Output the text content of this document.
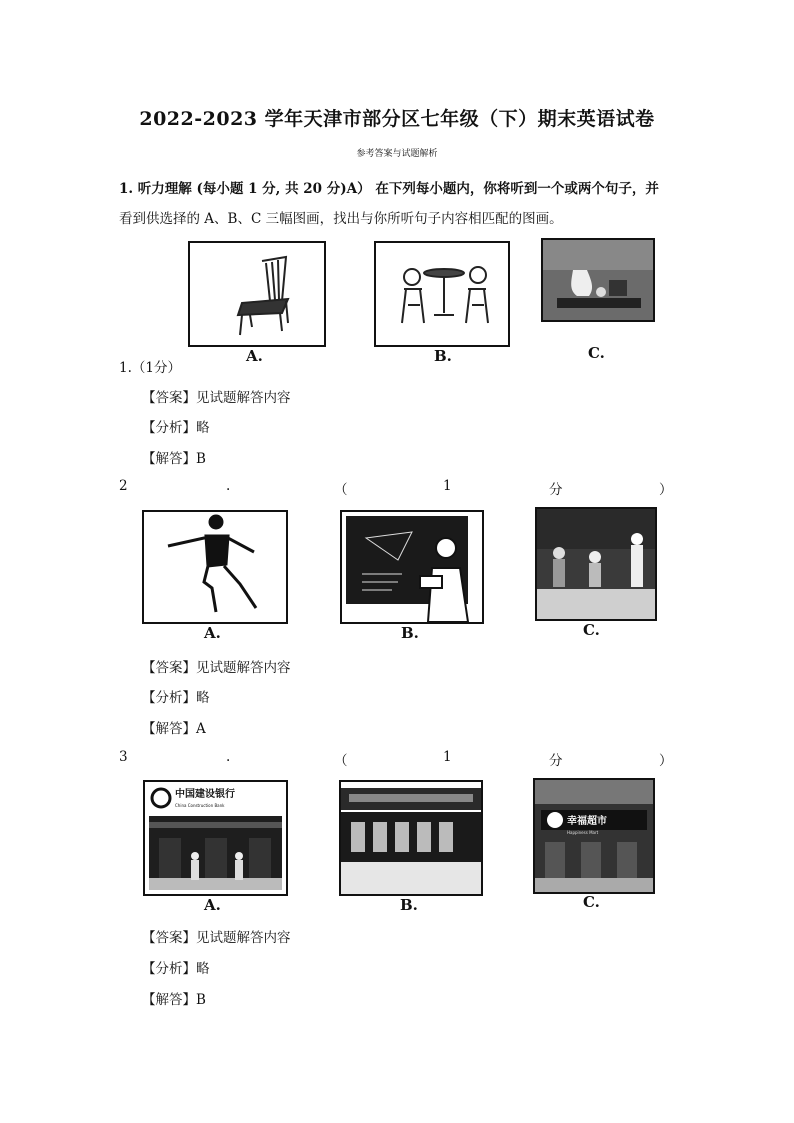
2022-2023 学年天津市部分区七年级（下）期末英语试卷
参考答案与试题解析
1. 听力理解 (每小题 1 分, 共 20 分)A） 在下列每小题内，你将听到一个或两个句子，并
看到供选择的 A、B、C 三幅图画，找出与你所听句子内容相匹配的图画。
A.	B.	C.
1.（1分）
【答案】见试题解答内容
【分析】略
【解答】B
2	.	（	1	分	）
A.	B.	C.
【答案】见试题解答内容
【分析】略
【解答】A
3	.	（	1	分	）
中国建设银行
China Construction Bank
A.	B.
幸福超市
Happiness Mart
C.
【答案】见试题解答内容
【分析】略
【解答】B
